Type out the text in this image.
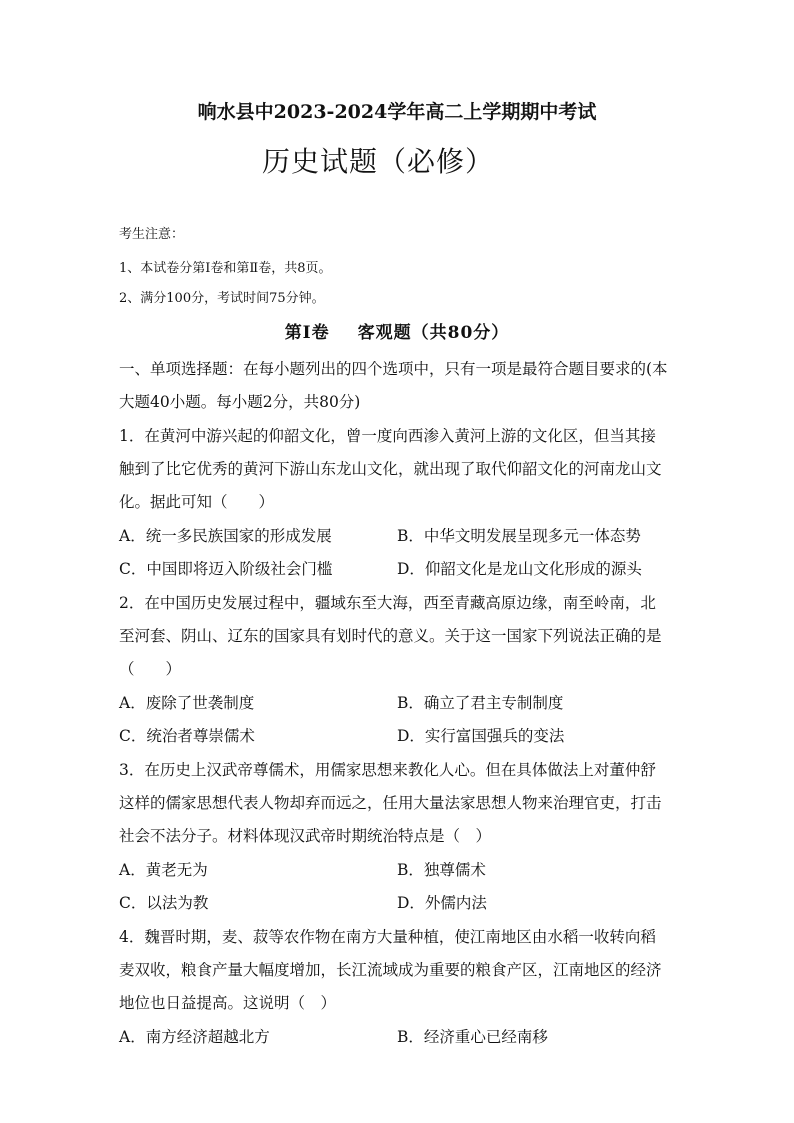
响水县中2023-2024学年高二上学期期中考试
历史试题（必修）
考生注意：
1、本试卷分第Ⅰ卷和第Ⅱ卷，共8页。
2、满分100分，考试时间75分钟。
第Ⅰ卷 客观题（共80分）
一、单项选择题：在每小题列出的四个选项中，只有一项是最符合题目要求的(本
大题40小题。每小题2分，共80分)
1．在黄河中游兴起的仰韶文化，曾一度向西渗入黄河上游的文化区，但当其接
触到了比它优秀的黄河下游山东龙山文化，就出现了取代仰韶文化的河南龙山文
化。据此可知（　　）
A．统一多民族国家的形成发展	B．中华文明发展呈现多元一体态势
C．中国即将迈入阶级社会门槛	D．仰韶文化是龙山文化形成的源头
2．在中国历史发展过程中，疆域东至大海，西至青藏高原边缘，南至岭南，北
至河套、阴山、辽东的国家具有划时代的意义。关于这一国家下列说法正确的是
（　　）
A．废除了世袭制度	B．确立了君主专制制度
C．统治者尊崇儒术	D．实行富国强兵的变法
3．在历史上汉武帝尊儒术，用儒家思想来教化人心。但在具体做法上对董仲舒
这样的儒家思想代表人物却弃而远之，任用大量法家思想人物来治理官吏，打击
社会不法分子。材料体现汉武帝时期统治特点是（　）
A．黄老无为	B．独尊儒术
C．以法为教	D．外儒内法
4．魏晋时期，麦、菽等农作物在南方大量种植，使江南地区由水稻一收转向稻
麦双收，粮食产量大幅度增加，长江流域成为重要的粮食产区，江南地区的经济
地位也日益提高。这说明（　）
A．南方经济超越北方	B．经济重心已经南移
